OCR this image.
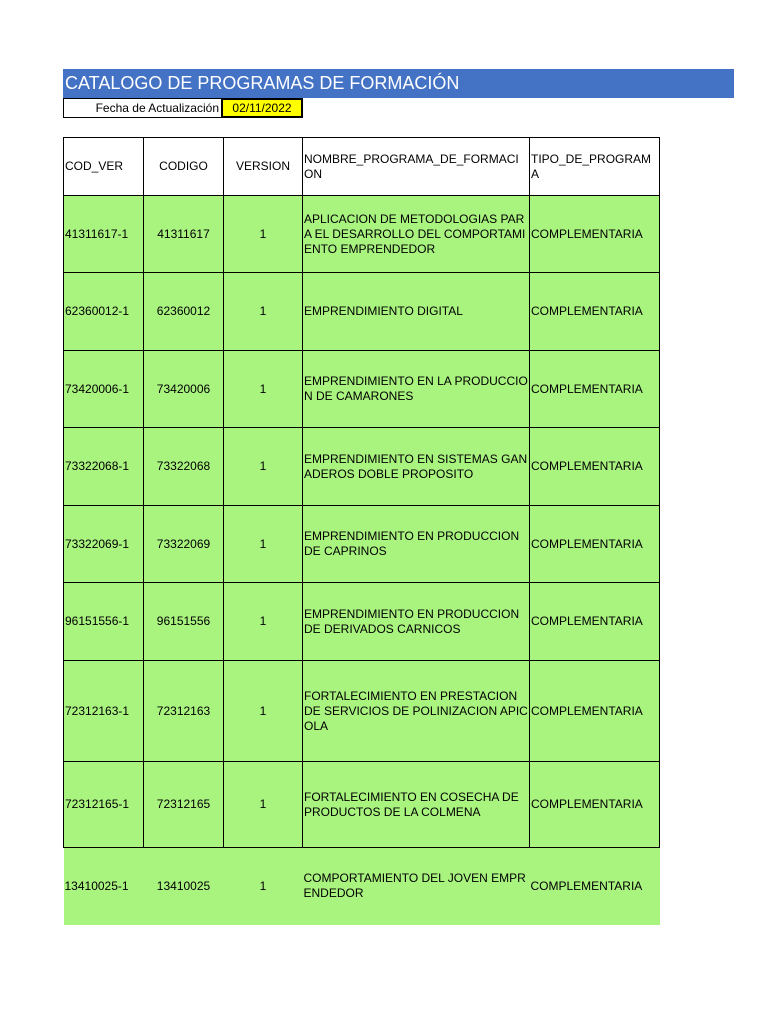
CATALOGO DE PROGRAMAS DE FORMACIÓN
Fecha de Actualización	02/11/2022
COD_VER	CODIGO	VERSION	NOMBRE_PROGRAMA_DE_FORMACION	TIPO_DE_PROGRAMA
41311617-1	41311617	1	APLICACION DE METODOLOGIAS PARA EL DESARROLLO DEL COMPORTAMIENTO EMPRENDEDOR	COMPLEMENTARIA
62360012-1	62360012	1	EMPRENDIMIENTO DIGITAL	COMPLEMENTARIA
73420006-1	73420006	1	EMPRENDIMIENTO EN LA PRODUCCION DE CAMARONES	COMPLEMENTARIA
73322068-1	73322068	1	EMPRENDIMIENTO EN SISTEMAS GANADEROS DOBLE PROPOSITO	COMPLEMENTARIA
73322069-1	73322069	1	EMPRENDIMIENTO EN PRODUCCION DE CAPRINOS	COMPLEMENTARIA
96151556-1	96151556	1	EMPRENDIMIENTO EN PRODUCCION DE DERIVADOS CARNICOS	COMPLEMENTARIA
72312163-1	72312163	1	FORTALECIMIENTO EN PRESTACION DE SERVICIOS DE POLINIZACION APICOLA	COMPLEMENTARIA
72312165-1	72312165	1	FORTALECIMIENTO EN COSECHA DE PRODUCTOS DE LA COLMENA	COMPLEMENTARIA
13410025-1	13410025	1	COMPORTAMIENTO DEL JOVEN EMPRENDEDOR	COMPLEMENTARIA
